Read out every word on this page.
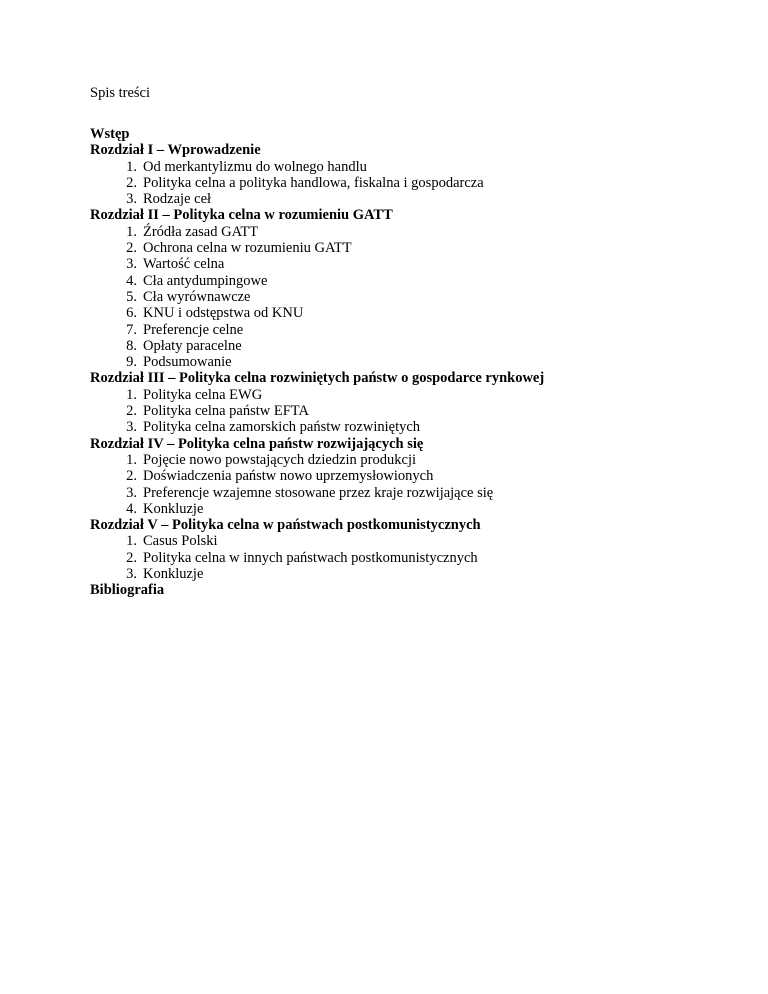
Spis treści
Wstęp
Rozdział I – Wprowadzenie
1. Od merkantylizmu do wolnego handlu
2. Polityka celna a polityka handlowa, fiskalna i gospodarcza
3. Rodzaje ceł
Rozdział II – Polityka celna w rozumieniu GATT
1. Źródła zasad GATT
2. Ochrona celna w rozumieniu GATT
3. Wartość celna
4. Cła antydumpingowe
5. Cła wyrównawcze
6. KNU i odstępstwa od KNU
7. Preferencje celne
8. Opłaty paracelne
9. Podsumowanie
Rozdział III – Polityka celna rozwiniętych państw o gospodarce rynkowej
1. Polityka celna EWG
2. Polityka celna państw EFTA
3. Polityka celna zamorskich państw rozwiniętych
Rozdział IV – Polityka celna państw rozwijających się
1. Pojęcie nowo powstających dziedzin produkcji
2. Doświadczenia państw nowo uprzemysłowionych
3. Preferencje wzajemne stosowane przez kraje rozwijające się
4. Konkluzje
Rozdział V – Polityka celna w państwach postkomunistycznych
1. Casus Polski
2. Polityka celna w innych państwach postkomunistycznych
3. Konkluzje
Bibliografia
